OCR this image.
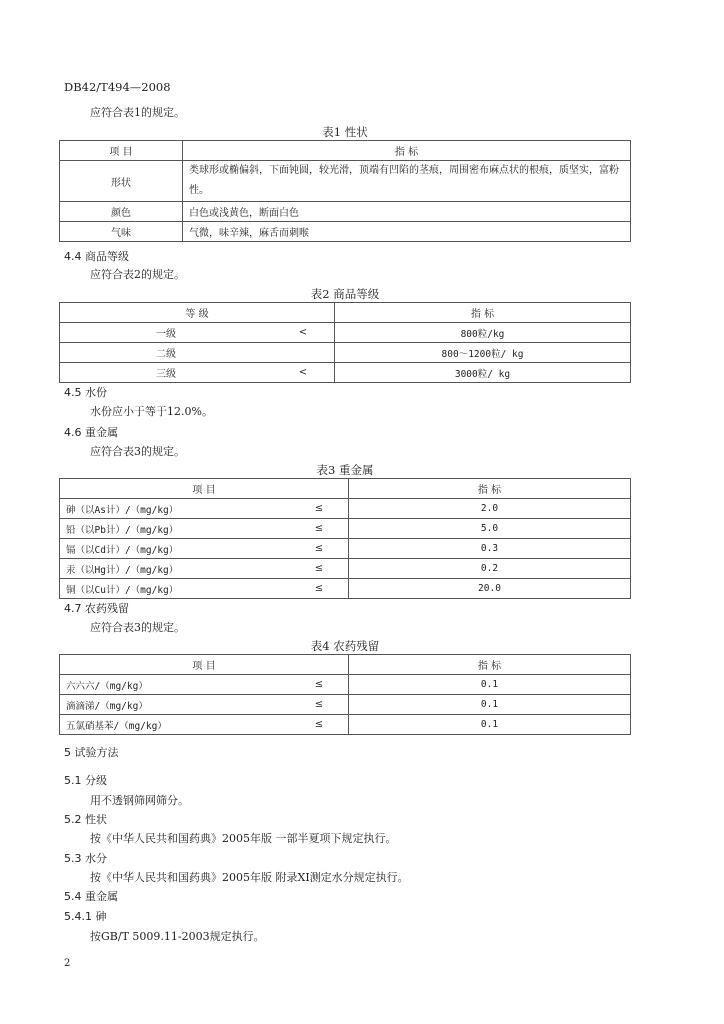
DB42/T494—2008
应符合表1的规定。
表1 性状
项 目	指 标
形状	类球形或椭偏斜，下面钝圆，较光滑，顶端有凹陷的茎痕，周围密布麻点状的根痕，质坚实，富粉性。
颜色	白色或浅黄色，断面白色
气味	气微，味辛辣，麻舌而刺喉
4.4 商品等级
应符合表2的规定。
表2 商品等级
等 级		指 标
一级	<	800粒/kg
二级		800～1200粒/ kg
三级	<	3000粒/ kg
4.5 水份
水份应小于等于12.0%。
4.6 重金属
应符合表3的规定。
表3 重金属
项 目		指 标
砷（以As计）/（mg/kg）	≤	2.0
铅（以Pb计）/（mg/kg）	≤	5.0
镉（以Cd计）/（mg/kg）	≤	0.3
汞（以Hg计）/（mg/kg）	≤	0.2
铜（以Cu计）/（mg/kg）	≤	20.0
4.7 农药残留
应符合表3的规定。
表4 农药残留
项 目		指 标
六六六/（mg/kg）	≤	0.1
滴滴涕/（mg/kg）	≤	0.1
五氯硝基苯/（mg/kg）	≤	0.1
5 试验方法
5.1 分级
用不透钢筛网筛分。
5.2 性状
按《中华人民共和国药典》2005年版 一部半夏项下规定执行。
5.3 水分
按《中华人民共和国药典》2005年版 附录XI测定水分规定执行。
5.4 重金属
5.4.1 砷
按GB/T 5009.11-2003规定执行。
2
